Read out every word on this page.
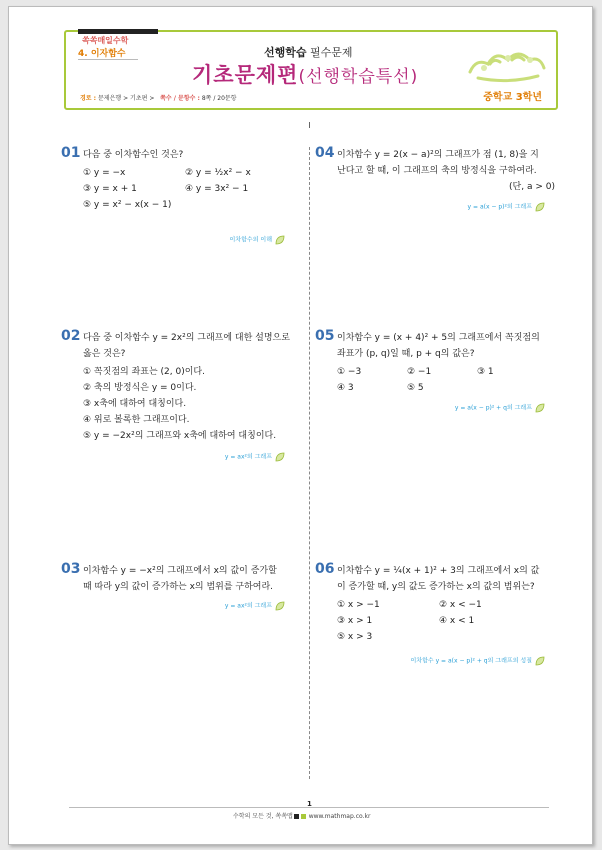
쏙쏙매일수학
4. 이자함수	선행학습 필수문제
기초문제편(선행학습특선)
경로 : 문제은행 > 기초편 > 쪽수 / 문항수 : 8쪽 / 20문항	중학교 3학년
01 다음 중 이차함수인 것은?
① y = −x	② y = ½x² − x
③ y = x + 1	④ y = 3x² − 1
⑤ y = x² − x(x − 1)
이차함수의 이해
02 다음 중 이차함수 y = 2x²의 그래프에 대한 설명으로
옳은 것은?
① 꼭짓점의 좌표는 (2, 0)이다.
② 축의 방정식은 y = 0이다.
③ x축에 대하여 대칭이다.
④ 위로 볼록한 그래프이다.
⑤ y = −2x²의 그래프와 x축에 대하여 대칭이다.
y = ax²의 그래프
03 이차함수 y = −x²의 그래프에서 x의 값이 증가할
때 따라 y의 값이 증가하는 x의 범위를 구하여라.
y = ax²의 그래프
04 이차함수 y = 2(x − a)²의 그래프가 점 (1, 8)을 지
난다고 할 때, 이 그래프의 축의 방정식을 구하여라.
(단, a > 0)
y = a(x − p)²의 그래프
05 이차함수 y = (x + 4)² + 5의 그래프에서 꼭짓점의
좌표가 (p, q)일 때, p + q의 값은?
① −3	② −1	③ 1
④ 3	⑤ 5
y = a(x − p)² + q의 그래프
06 이차함수 y = ¼(x + 1)² + 3의 그래프에서 x의 값
이 증가할 때, y의 값도 증가하는 x의 값의 범위는?
① x > −1	② x < −1
③ x > 1	④ x < 1
⑤ x > 3
이차함수 y = a(x − p)² + q의 그래프의 성질
1
수학의 모든 것, 쏙쏙맵 www.mathmap.co.kr
